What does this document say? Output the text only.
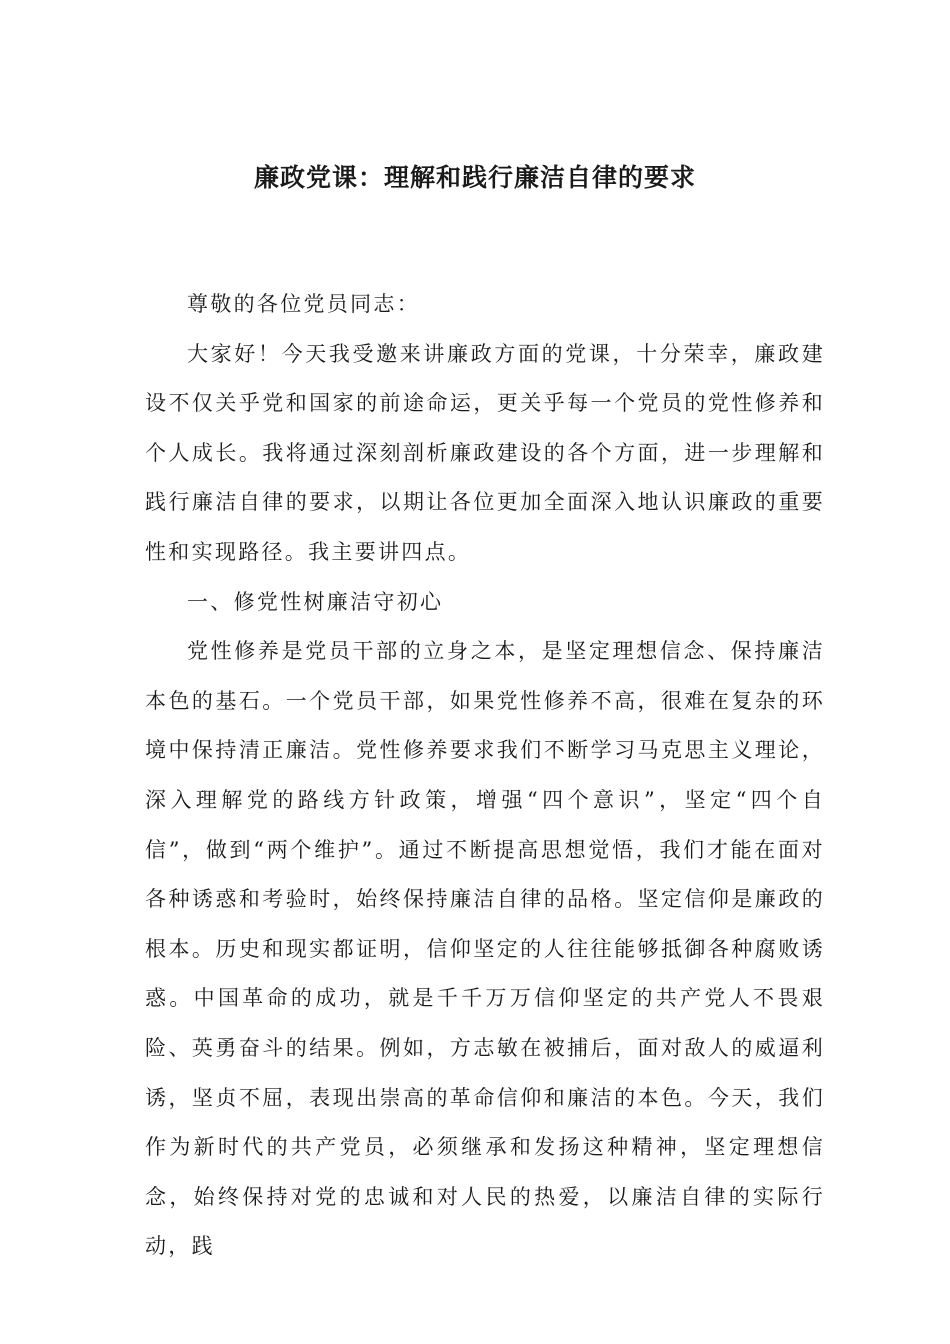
廉政党课：理解和践行廉洁自律的要求

尊敬的各位党员同志：

大家好！今天我受邀来讲廉政方面的党课，十分荣幸，廉政建设不仅关乎党和国家的前途命运，更关乎每一个党员的党性修养和个人成长。我将通过深刻剖析廉政建设的各个方面，进一步理解和践行廉洁自律的要求，以期让各位更加全面深入地认识廉政的重要性和实现路径。我主要讲四点。

一、修党性树廉洁守初心

党性修养是党员干部的立身之本，是坚定理想信念、保持廉洁本色的基石。一个党员干部，如果党性修养不高，很难在复杂的环境中保持清正廉洁。党性修养要求我们不断学习马克思主义理论，深入理解党的路线方针政策，增强“四个意识”，坚定“四个自信”，做到“两个维护”。通过不断提高思想觉悟，我们才能在面对各种诱惑和考验时，始终保持廉洁自律的品格。坚定信仰是廉政的根本。历史和现实都证明，信仰坚定的人往往能够抵御各种腐败诱惑。中国革命的成功，就是千千万万信仰坚定的共产党人不畏艰险、英勇奋斗的结果。例如，方志敏在被捕后，面对敌人的威逼利诱，坚贞不屈，表现出崇高的革命信仰和廉洁的本色。今天，我们作为新时代的共产党员，必须继承和发扬这种精神，坚定理想信念，始终保持对党的忠诚和对人民的热爱，以廉洁自律的实际行动，践
